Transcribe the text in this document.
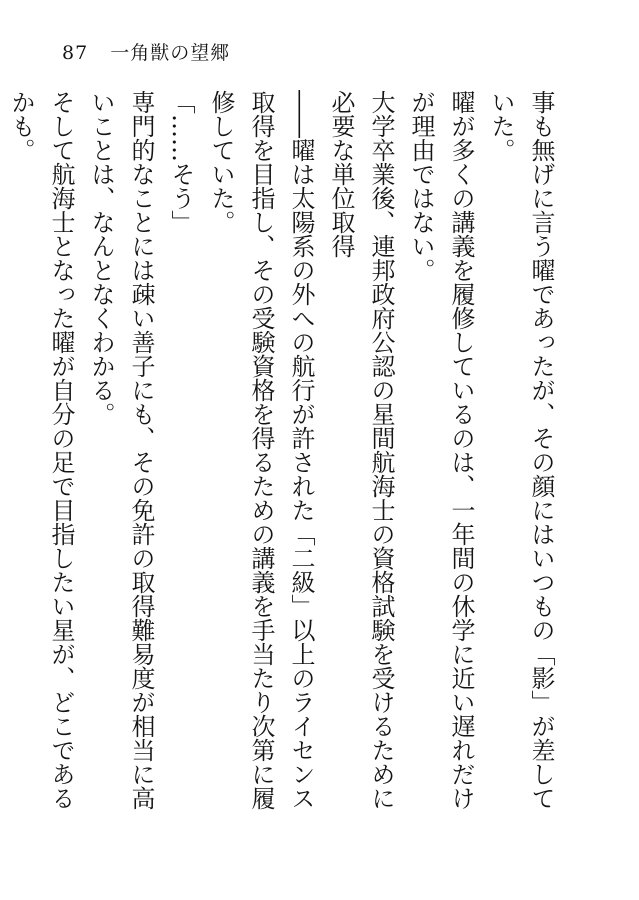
87 一角獣の望郷

事も無げに言う曜であったが、その顔にはいつもの「影」が差していた。

曜が多くの講義を履修しているのは、一年間の休学に近い遅れだけが理由ではない。

大学卒業後、連邦政府公認の星間航海士の資格試験を受けるために必要な単位取得

――曜は太陽系の外への航行が許された「二級」以上のライセンス取得を目指し、その受験資格を得るための講義を手当たり次第に履修していた。

「……そう」

専門的なことには疎い善子にも、その免許の取得難易度が相当に高いことは、なんとなくわかる。

そして航海士となった曜が自分の足で目指したい星が、どこであるかも。
